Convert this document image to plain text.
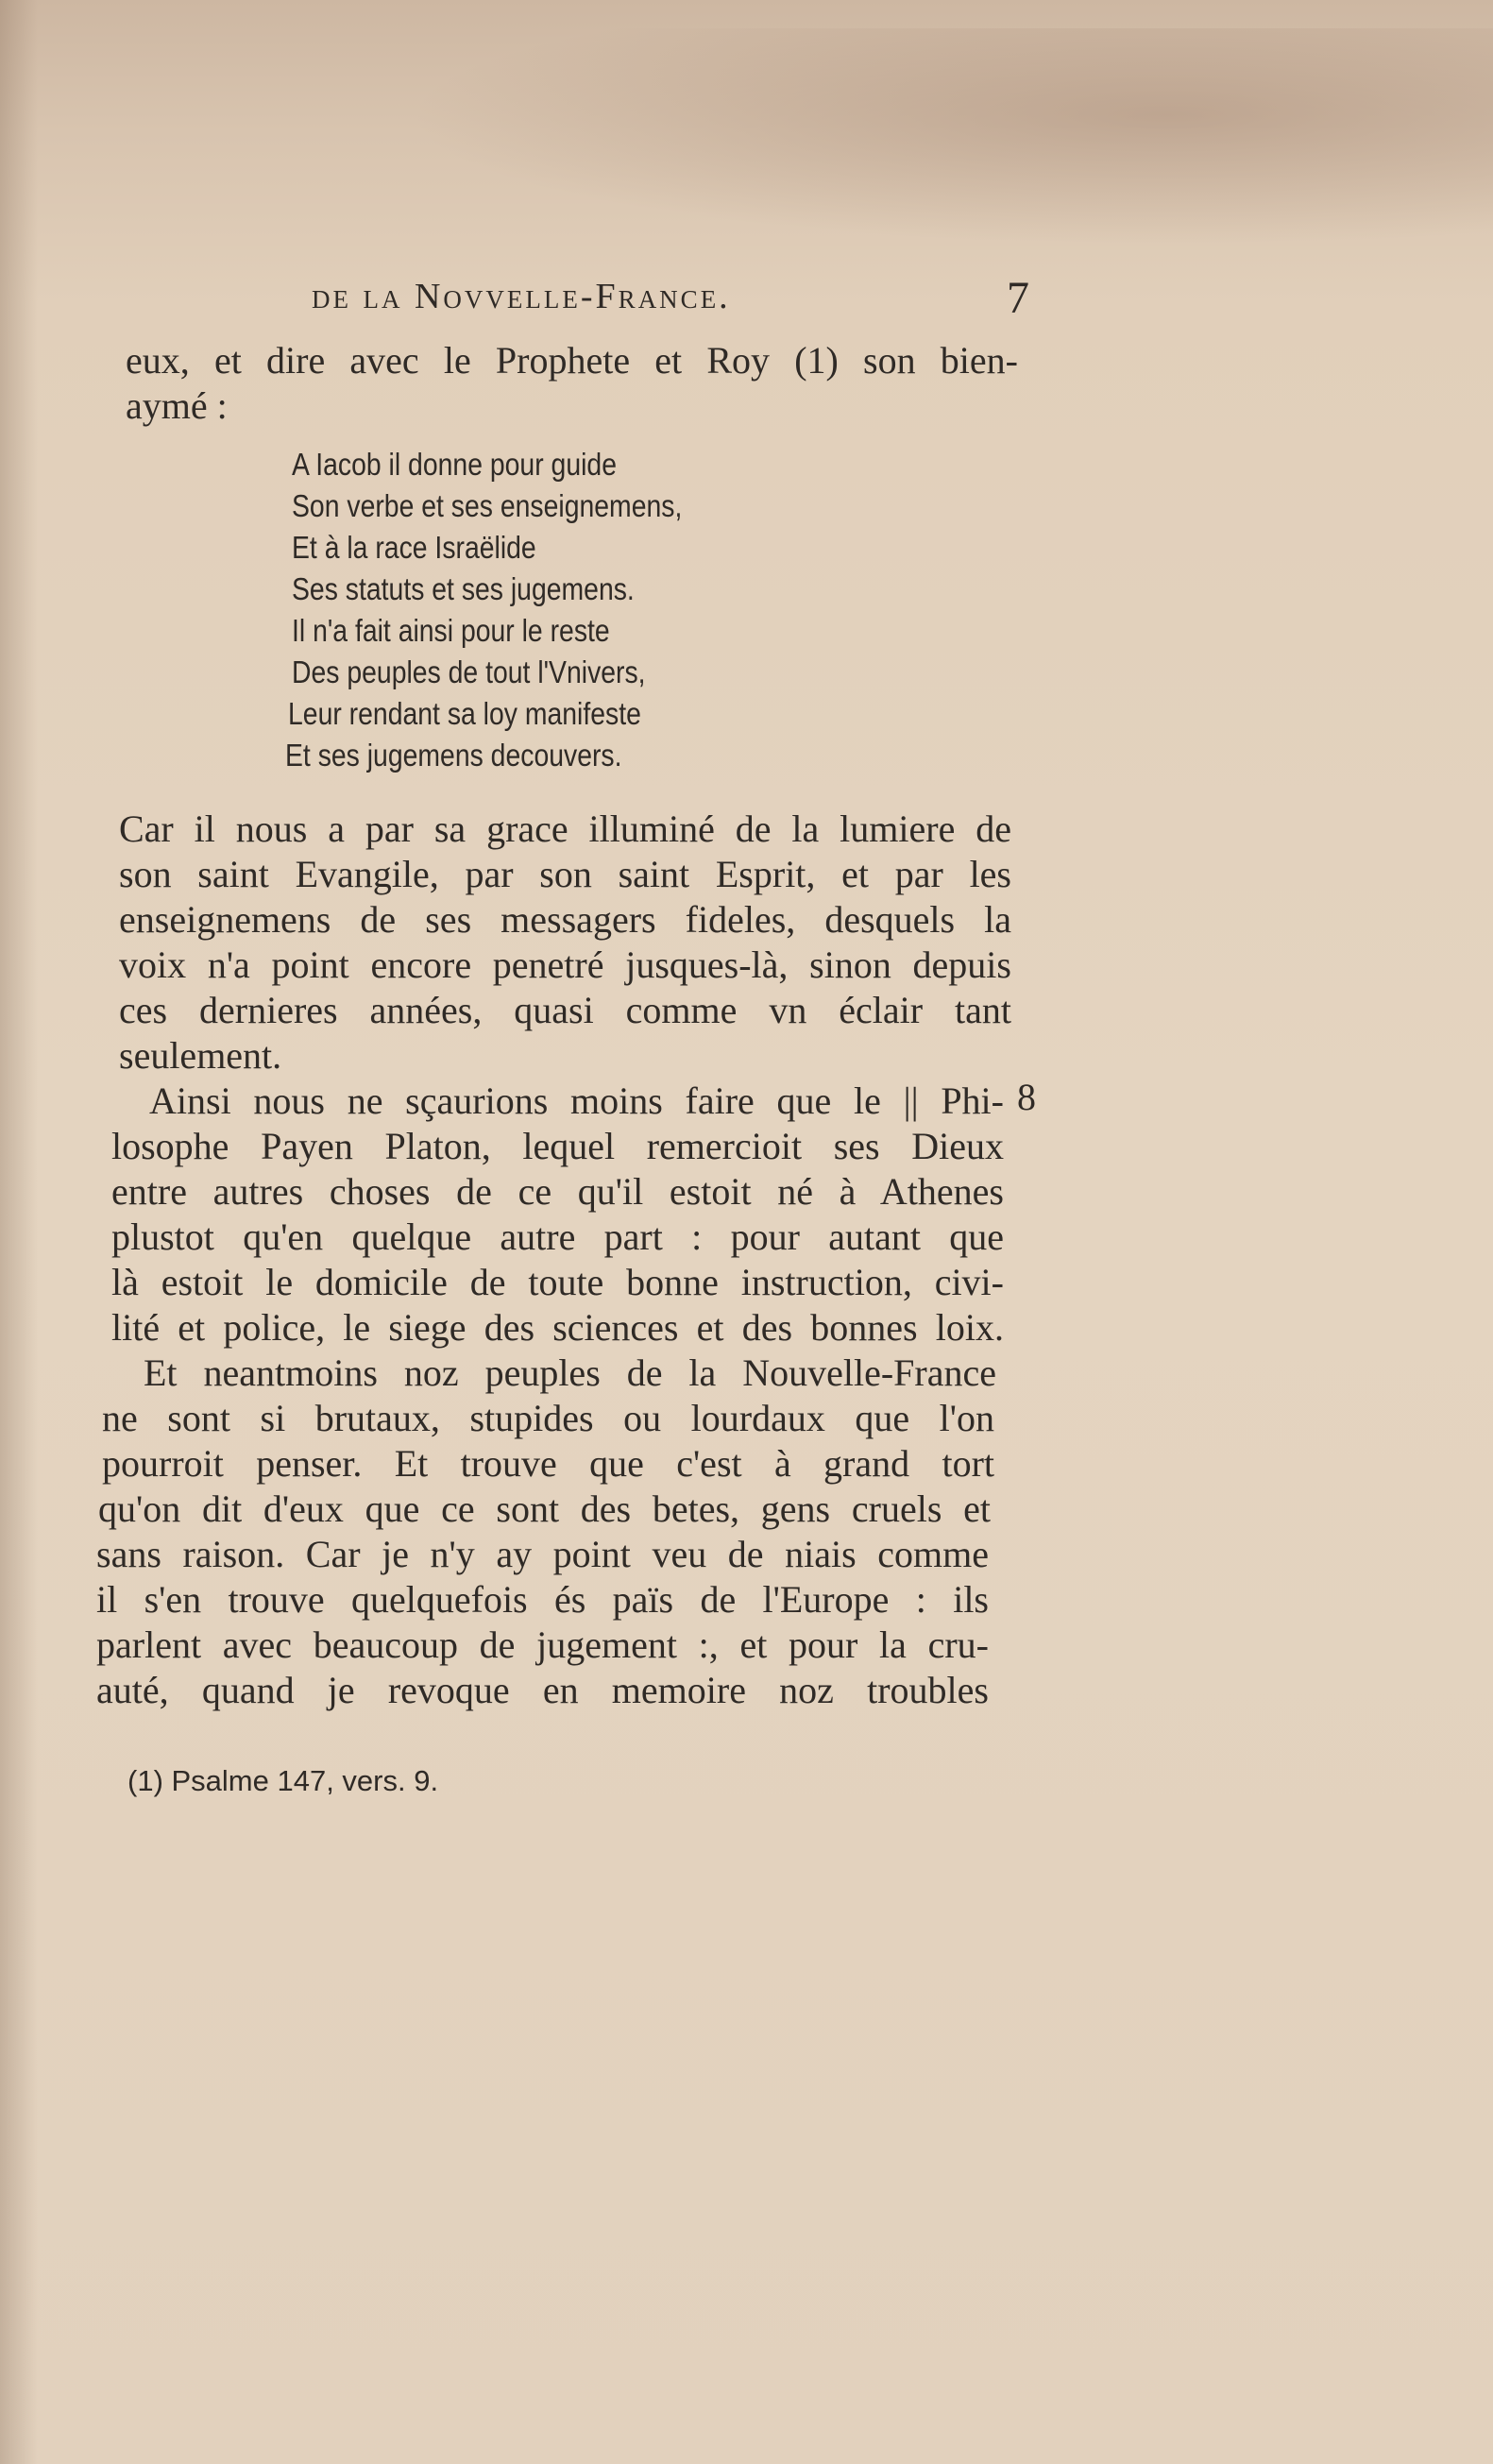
de la Novvelle-France.	7

eux, et dire avec le Prophete et Roy (1) son bien-

aymé :

A Iacob il donne pour guide

Son verbe et ses enseignemens,

Et à la race Israëlide

Ses statuts et ses jugemens.

Il n'a fait ainsi pour le reste

Des peuples de tout l'Vnivers,

Leur rendant sa loy manifeste

Et ses jugemens decouvers.

Car il nous a par sa grace illuminé de la lumiere de

son saint Evangile, par son saint Esprit, et par les

enseignemens de ses messagers fideles, desquels la

voix n'a point encore penetré jusques-là, sinon depuis

ces dernieres années, quasi comme vn éclair tant

seulement.

Ainsi nous ne sçaurions moins faire que le || Phi-

losophe Payen Platon, lequel remercioit ses Dieux

entre autres choses de ce qu'il estoit né à Athenes

plustot qu'en quelque autre part : pour autant que

là estoit le domicile de toute bonne instruction, civi-

lité et police, le siege des sciences et des bonnes loix.

8

Et neantmoins noz peuples de la Nouvelle-France

ne sont si brutaux, stupides ou lourdaux que l'on

pourroit penser. Et trouve que c'est à grand tort

qu'on dit d'eux que ce sont des betes, gens cruels et

sans raison. Car je n'y ay point veu de niais comme

il s'en trouve quelquefois és païs de l'Europe : ils

parlent avec beaucoup de jugement :, et pour la cru-

auté, quand je revoque en memoire noz troubles

(1) Psalme 147, vers. 9.
